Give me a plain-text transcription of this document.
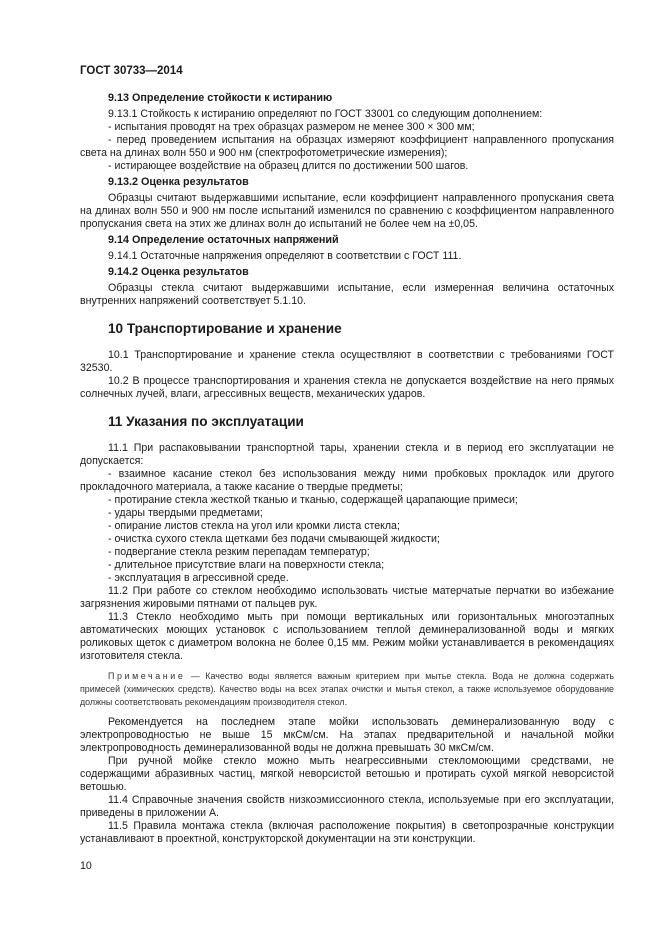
ГОСТ 30733—2014
9.13 Определение стойкости к истиранию

9.13.1 Стойкость к истиранию определяют по ГОСТ 33001 со следующим дополнением:

- испытания проводят на трех образцах размером не менее 300 × 300 мм;

- перед проведением испытания на образцах измеряют коэффициент направленного пропускания света на длинах волн 550 и 900 нм (спектрофотометрические измерения);

- истирающее воздействие на образец длится по достижении 500 шагов.

9.13.2 Оценка результатов

Образцы считают выдержавшими испытание, если коэффициент направленного пропускания света на длинах волн 550 и 900 нм после испытаний изменился по сравнению с коэффициентом направленного пропускания света на этих же длинах волн до испытаний не более чем на ±0,05.

9.14 Определение остаточных напряжений

9.14.1 Остаточные напряжения определяют в соответствии с ГОСТ 111.

9.14.2 Оценка результатов

Образцы стекла считают выдержавшими испытание, если измеренная величина остаточных внутренних напряжений соответствует 5.1.10.

10 Транспортирование и хранение

10.1 Транспортирование и хранение стекла осуществляют в соответствии с требованиями ГОСТ 32530.

10.2 В процессе транспортирования и хранения стекла не допускается воздействие на него прямых солнечных лучей, влаги, агрессивных веществ, механических ударов.

11 Указания по эксплуатации

11.1 При распаковывании транспортной тары, хранении стекла и в период его эксплуатации не допускается:

- взаимное касание стекол без использования между ними пробковых прокладок или другого прокладочного материала, а также касание о твердые предметы;

- протирание стекла жесткой тканью и тканью, содержащей царапающие примеси;

- удары твердыми предметами;

- опирание листов стекла на угол или кромки листа стекла;

- очистка сухого стекла щетками без подачи смывающей жидкости;

- подвергание стекла резким перепадам температур;

- длительное присутствие влаги на поверхности стекла;

- эксплуатация в агрессивной среде.

11.2 При работе со стеклом необходимо использовать чистые матерчатые перчатки во избежание загрязнения жировыми пятнами от пальцев рук.

11.3 Стекло необходимо мыть при помощи вертикальных или горизонтальных многоэтапных автоматических моющих установок с использованием теплой деминерализованной воды и мягких роликовых щеток с диаметром волокна не более 0,15 мм. Режим мойки устанавливается в рекомендациях изготовителя стекла.

Примечание — Качество воды является важным критерием при мытье стекла. Вода не должна содержать примесей (химических средств). Качество воды на всех этапах очистки и мытья стекол, а также используемое оборудование должны соответствовать рекомендациям производителя стекол.

Рекомендуется на последнем этапе мойки использовать деминерализованную воду с электропроводностью не выше 15 мкСм/см. На этапах предварительной и начальной мойки электропроводность деминерализованной воды не должна превышать 30 мкСм/см.

При ручной мойке стекло можно мыть неагрессивными стекломоющими средствами, не содержащими абразивных частиц, мягкой неворсистой ветошью и протирать сухой мягкой неворсистой ветошью.

11.4 Справочные значения свойств низкоэмиссионного стекла, используемые при его эксплуатации, приведены в приложении А.

11.5 Правила монтажа стекла (включая расположение покрытия) в светопрозрачные конструкции устанавливают в проектной, конструкторской документации на эти конструкции.

10
